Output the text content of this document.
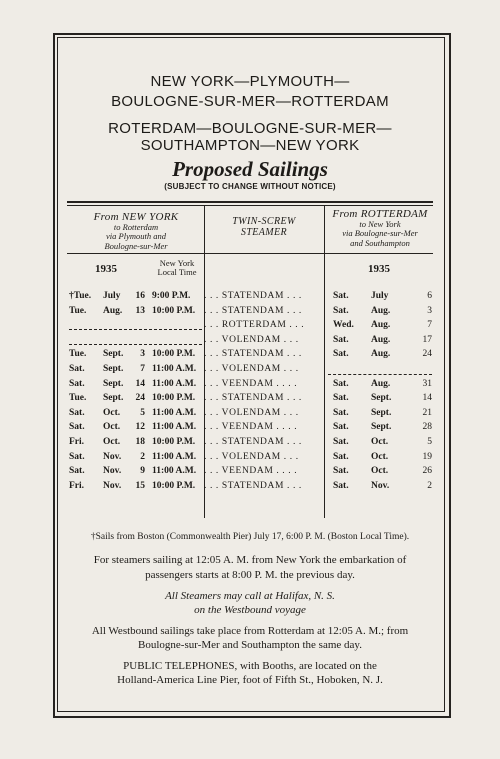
NEW YORK—PLYMOUTH—
BOULOGNE-SUR-MER—ROTTERDAM
ROTERDAM—BOULOGNE-SUR-MER—
SOUTHAMPTON—NEW YORK
Proposed Sailings
(SUBJECT TO CHANGE WITHOUT NOTICE)
From NEW YORK
to Rotterdam
via Plymouth and
Boulogne-sur-Mer
TWIN-SCREW
STEAMER
From ROTTERDAM
to New York
via Boulogne-sur-Mer
and Southampton
1935	New York
Local Time	1935
†Tue. July	16 9:00 P.M. . . . STATENDAM . . .	Sat. July	6
Tue. Aug.	13 10:00 P.M. . . . STATENDAM . . .	Sat. Aug.	3
. . . ROTTERDAM . . .	Wed. Aug.	7
. . . VOLENDAM . . .	Sat. Aug.	17
Tue. Sept.	3 10:00 P.M. . . . STATENDAM . . .	Sat. Aug.	24
Sat. Sept.	7 11:00 A.M. . . . VOLENDAM . . .
Sat. Sept.	14 11:00 A.M. . . . VEENDAM . . . .	Sat. Aug.	31
Tue. Sept.	24 10:00 P.M. . . . STATENDAM . . .	Sat. Sept.	14
Sat. Oct.	5 11:00 A.M. . . . VOLENDAM . . .	Sat. Sept.	21
Sat. Oct.	12 11:00 A.M. . . . VEENDAM . . . .	Sat. Sept.	28
Fri. Oct.	18 10:00 P.M. . . . STATENDAM . . .	Sat. Oct.	5
Sat. Nov.	2 11:00 A.M. . . . VOLENDAM . . .	Sat. Oct.	19
Sat. Nov.	9 11:00 A.M. . . . VEENDAM . . . .	Sat. Oct.	26
Fri. Nov.	15 10:00 P.M. . . . STATENDAM . . .	Sat. Nov.	2
†Sails from Boston (Commonwealth Pier) July 17, 6:00 P. M. (Boston Local Time).
For steamers sailing at 12:05 A. M. from New York the embarkation of
passengers starts at 8:00 P. M. the previous day.
All Steamers may call at Halifax, N. S.
on the Westbound voyage
All Westbound sailings take place from Rotterdam at 12:05 A. M.; from
Boulogne-sur-Mer and Southampton the same day.
PUBLIC TELEPHONES, with Booths, are located on the
Holland-America Line Pier, foot of Fifth St., Hoboken, N. J.
